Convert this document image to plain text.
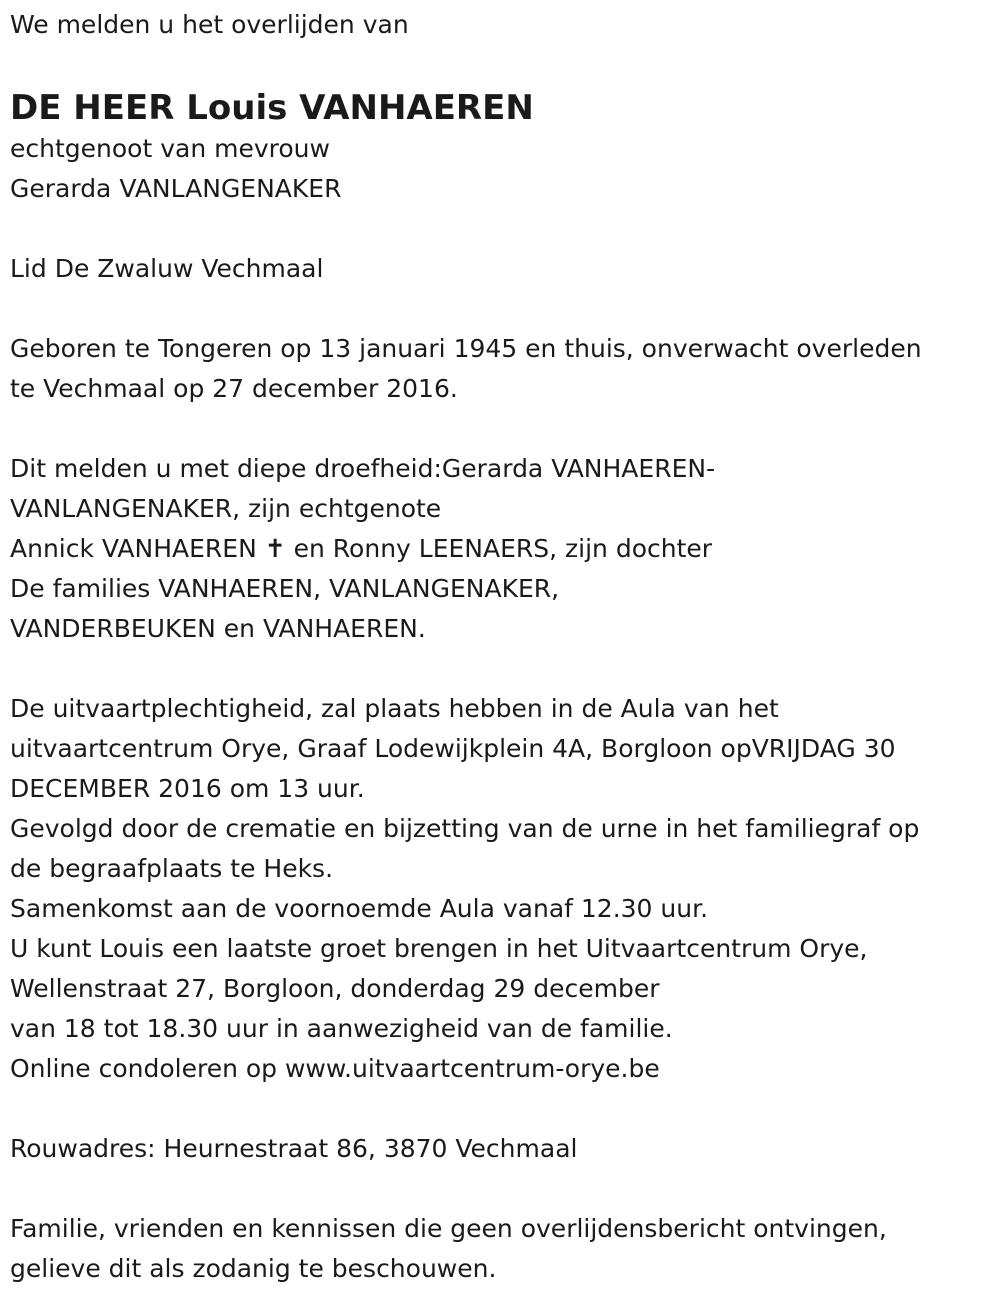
We melden u het overlijden van

DE HEER Louis VANHAEREN

echtgenoot van mevrouw

Gerarda VANLANGENAKER

Lid De Zwaluw Vechmaal

Geboren te Tongeren op 13 januari 1945 en thuis, onverwacht overleden

te Vechmaal op 27 december 2016.

Dit melden u met diepe droefheid:Gerarda VANHAEREN-

VANLANGENAKER, zijn echtgenote

Annick VANHAEREN ✝ en Ronny LEENAERS, zijn dochter

De families VANHAEREN, VANLANGENAKER,

VANDERBEUKEN en VANHAEREN.

De uitvaartplechtigheid, zal plaats hebben in de Aula van het

uitvaartcentrum Orye, Graaf Lodewijkplein 4A, Borgloon opVRIJDAG 30

DECEMBER 2016 om 13 uur.

Gevolgd door de crematie en bijzetting van de urne in het familiegraf op

de begraafplaats te Heks.

Samenkomst aan de voornoemde Aula vanaf 12.30 uur.

U kunt Louis een laatste groet brengen in het Uitvaartcentrum Orye,

Wellenstraat 27, Borgloon, donderdag 29 december

van 18 tot 18.30 uur in aanwezigheid van de familie.

Online condoleren op www.uitvaartcentrum-orye.be

Rouwadres: Heurnestraat 86, 3870 Vechmaal

Familie, vrienden en kennissen die geen overlijdensbericht ontvingen,

gelieve dit als zodanig te beschouwen.
